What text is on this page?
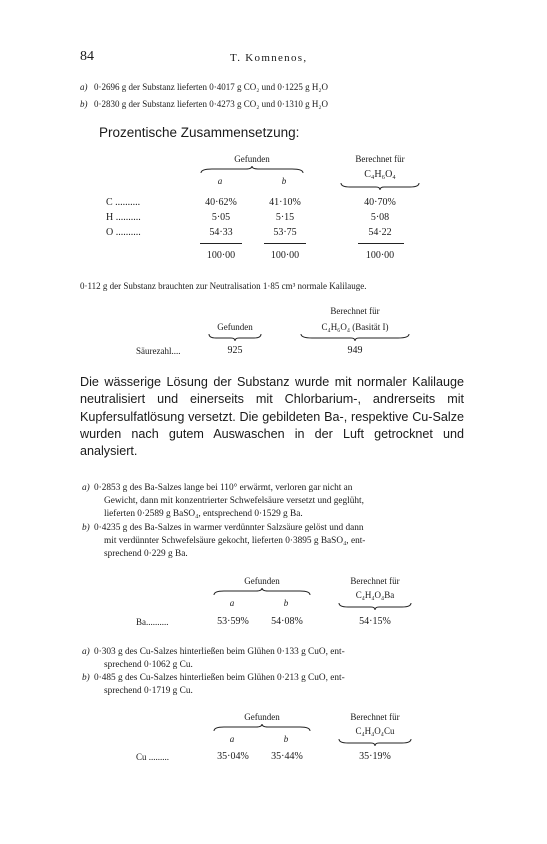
84	T. Komnenos,
a) 0·2696 g der Substanz lieferten 0·4017 g CO₂ und 0·1225 g H₂O
b) 0·2830 g der Substanz lieferten 0·4273 g CO₂ und 0·1310 g H₂O
Prozentische Zusammensetzung:
Gefunden
a	b
Berechnet für
C₄H₆O₄
C ..........	40·62%	41·10%	40·70%
H ..........	5·05	5·15	5·08
O ..........	54·33	53·75	54·22
100·00	100·00	100·00
0·112 g der Substanz brauchten zur Neutralisation 1·85 cm³ normale Kalilauge.
Berechnet für
Gefunden	C₄H₆O₄ (Basität I)
Säurezahl....	925	949
Die wässerige Lösung der Substanz wurde mit normaler Kalilauge neutralisiert und einerseits mit Chlorbarium-, andrerseits mit Kupfersulfatlösung versetzt. Die gebildeten Ba-, respektive Cu-Salze wurden nach gutem Auswaschen in der Luft getrocknet und analysiert.
a) 0·2853 g des Ba-Salzes lange bei 110° erwärmt, verloren gar nicht an
Gewicht, dann mit konzentrierter Schwefelsäure versetzt und geglüht,
lieferten 0·2589 g BaSO₄, entsprechend 0·1529 g Ba.
b) 0·4235 g des Ba-Salzes in warmer verdünnter Salzsäure gelöst und dann
mit verdünnter Schwefelsäure gekocht, lieferten 0·3895 g BaSO₄, ent-
sprechend 0·229 g Ba.
Gefunden
a	b
Berechnet für
C₄H₄O₄Ba
Ba..........	53·59%	54·08%	54·15%
a) 0·303 g des Cu-Salzes hinterließen beim Glühen 0·133 g CuO, ent-
sprechend 0·1062 g Cu.
b) 0·485 g des Cu-Salzes hinterließen beim Glühen 0·213 g CuO, ent-
sprechend 0·1719 g Cu.
Gefunden
a	b
Berechnet für
C₄H₄O₄Cu
Cu .........	35·04%	35·44%	35·19%
